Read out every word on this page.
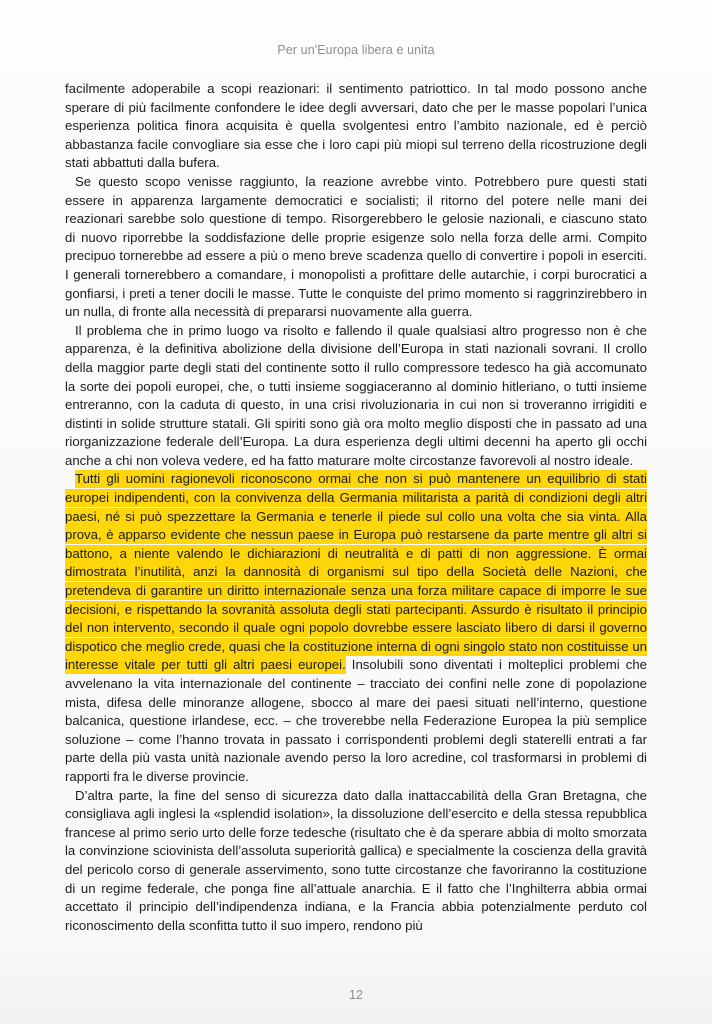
Per un'Europa libera e unita

facilmente adoperabile a scopi reazionari: il sentimento patriottico. In tal modo possono anche sperare di più facilmente confondere le idee degli avversari, dato che per le masse popolari l’unica esperienza politica finora acquisita è quella svolgentesi entro l’ambito nazionale, ed è perciò abbastanza facile convogliare sia esse che i loro capi più miopi sul terreno della ricostruzione degli stati abbattuti dalla bufera.

Se questo scopo venisse raggiunto, la reazione avrebbe vinto. Potrebbero pure questi stati essere in apparenza largamente democratici e socialisti; il ritorno del potere nelle mani dei reazionari sarebbe solo questione di tempo. Risorgerebbero le gelosie nazionali, e ciascuno stato di nuovo riporrebbe la soddisfazione delle proprie esigenze solo nella forza delle armi. Compito precipuo tornerebbe ad essere a più o meno breve scadenza quello di convertire i popoli in eserciti. I generali tornerebbero a comandare, i monopolisti a profittare delle autarchie, i corpi burocratici a gonfiarsi, i preti a tener docili le masse. Tutte le conquiste del primo momento si raggrinzirebbero in un nulla, di fronte alla necessità di prepararsi nuovamente alla guerra.

Il problema che in primo luogo va risolto e fallendo il quale qualsiasi altro progresso non è che apparenza, è la definitiva abolizione della divisione dell’Europa in stati nazionali sovrani. Il crollo della maggior parte degli stati del continente sotto il rullo compressore tedesco ha già accomunato la sorte dei popoli europei, che, o tutti insieme soggiaceranno al dominio hitleriano, o tutti insieme entreranno, con la caduta di questo, in una crisi rivoluzionaria in cui non si troveranno irrigiditi e distinti in solide strutture statali. Gli spiriti sono già ora molto meglio disposti che in passato ad una riorganizzazione federale dell’Europa. La dura esperienza degli ultimi decenni ha aperto gli occhi anche a chi non voleva vedere, ed ha fatto maturare molte circostanze favorevoli al nostro ideale.

Tutti gli uomini ragionevoli riconoscono ormai che non si può mantenere un equilibrio di stati europei indipendenti, con la convivenza della Germania militarista a parità di condizioni degli altri paesi, né si può spezzettare la Germania e tenerle il piede sul collo una volta che sia vinta. Alla prova, è apparso evidente che nessun paese in Europa può restarsene da parte mentre gli altri si battono, a niente valendo le dichiarazioni di neutralità e di patti di non aggressione. È ormai dimostrata l’inutilità, anzi la dannosità di organismi sul tipo della Società delle Nazioni, che pretendeva di garantire un diritto internazionale senza una forza militare capace di imporre le sue decisioni, e rispettando la sovranità assoluta degli stati partecipanti. Assurdo è risultato il principio del non intervento, secondo il quale ogni popolo dovrebbe essere lasciato libero di darsi il governo dispotico che meglio crede, quasi che la costituzione interna di ogni singolo stato non costituisse un interesse vitale per tutti gli altri paesi europei. Insolubili sono diventati i molteplici problemi che avvelenano la vita internazionale del continente – tracciato dei confini nelle zone di popolazione mista, difesa delle minoranze allogene, sbocco al mare dei paesi situati nell’interno, questione balcanica, questione irlandese, ecc. – che troverebbe nella Federazione Europea la più semplice soluzione – come l’hanno trovata in passato i corrispondenti problemi degli staterelli entrati a far parte della più vasta unità nazionale avendo perso la loro acredine, col trasformarsi in problemi di rapporti fra le diverse provincie.

D’altra parte, la fine del senso di sicurezza dato dalla inattaccabilità della Gran Bretagna, che consigliava agli inglesi la «splendid isolation», la dissoluzione dell’esercito e della stessa repubblica francese al primo serio urto delle forze tedesche (risultato che è da sperare abbia di molto smorzata la convinzione sciovinista dell’assoluta superiorità gallica) e specialmente la coscienza della gravità del pericolo corso di generale asservimento, sono tutte circostanze che favoriranno la costituzione di un regime federale, che ponga fine all’attuale anarchia. E il fatto che l’Inghilterra abbia ormai accettato il principio dell’indipendenza indiana, e la Francia abbia potenzialmente perduto col riconoscimento della sconfitta tutto il suo impero, rendono più

12
